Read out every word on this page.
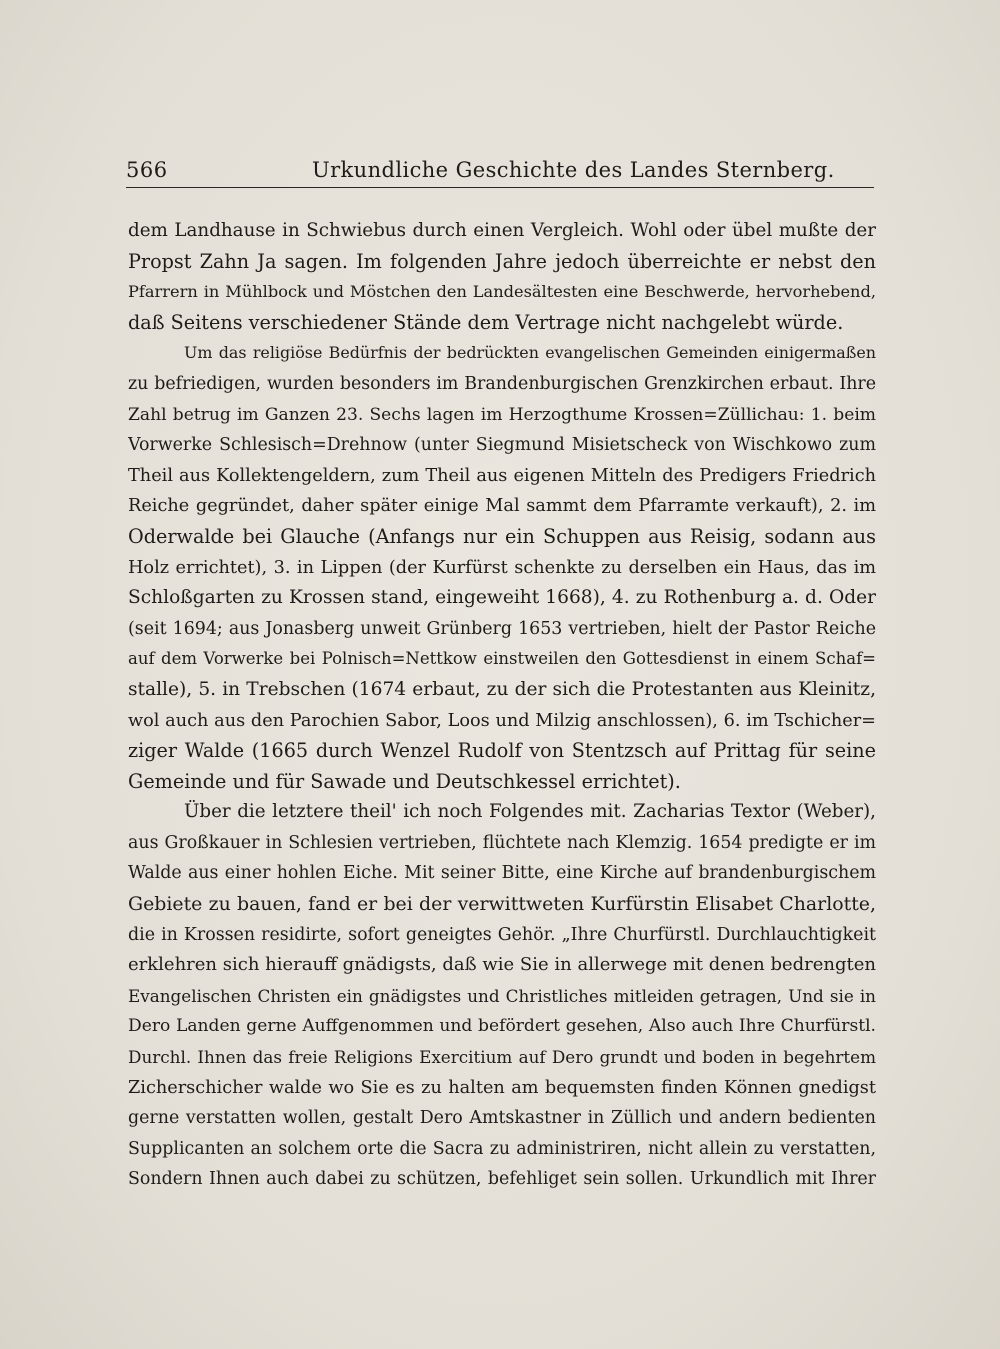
566	Urkundliche Geschichte des Landes Sternberg.
dem Landhause in Schwiebus durch einen Vergleich. Wohl oder übel mußte der
Propst Zahn Ja sagen. Im folgenden Jahre jedoch überreichte er nebst den
Pfarrern in Mühlbock und Möstchen den Landesältesten eine Beschwerde, hervorhebend,
daß Seitens verschiedener Stände dem Vertrage nicht nachgelebt würde.
Um das religiöse Bedürfnis der bedrückten evangelischen Gemeinden einigermaßen
zu befriedigen, wurden besonders im Brandenburgischen Grenzkirchen erbaut. Ihre
Zahl betrug im Ganzen 23. Sechs lagen im Herzogthume Krossen=Züllichau: 1. beim
Vorwerke Schlesisch=Drehnow (unter Siegmund Misietscheck von Wischkowo zum
Theil aus Kollektengeldern, zum Theil aus eigenen Mitteln des Predigers Friedrich
Reiche gegründet, daher später einige Mal sammt dem Pfarramte verkauft), 2. im
Oderwalde bei Glauche (Anfangs nur ein Schuppen aus Reisig, sodann aus
Holz errichtet), 3. in Lippen (der Kurfürst schenkte zu derselben ein Haus, das im
Schloßgarten zu Krossen stand, eingeweiht 1668), 4. zu Rothenburg a. d. Oder
(seit 1694; aus Jonasberg unweit Grünberg 1653 vertrieben, hielt der Pastor Reiche
auf dem Vorwerke bei Polnisch=Nettkow einstweilen den Gottesdienst in einem Schaf=
stalle), 5. in Trebschen (1674 erbaut, zu der sich die Protestanten aus Kleinitz,
wol auch aus den Parochien Sabor, Loos und Milzig anschlossen), 6. im Tschicher=
ziger Walde (1665 durch Wenzel Rudolf von Stentzsch auf Prittag für seine
Gemeinde und für Sawade und Deutschkessel errichtet).
Über die letztere theil' ich noch Folgendes mit. Zacharias Textor (Weber),
aus Großkauer in Schlesien vertrieben, flüchtete nach Klemzig. 1654 predigte er im
Walde aus einer hohlen Eiche. Mit seiner Bitte, eine Kirche auf brandenburgischem
Gebiete zu bauen, fand er bei der verwittweten Kurfürstin Elisabet Charlotte,
die in Krossen residirte, sofort geneigtes Gehör. „Ihre Churfürstl. Durchlauchtigkeit
erklehren sich hierauff gnädigsts, daß wie Sie in allerwege mit denen bedrengten
Evangelischen Christen ein gnädigstes und Christliches mitleiden getragen, Und sie in
Dero Landen gerne Auffgenommen und befördert gesehen, Also auch Ihre Churfürstl.
Durchl. Ihnen das freie Religions Exercitium auf Dero grundt und boden in begehrtem
Zicherschicher walde wo Sie es zu halten am bequemsten finden Können gnedigst
gerne verstatten wollen, gestalt Dero Amtskastner in Züllich und andern bedienten
Supplicanten an solchem orte die Sacra zu administriren, nicht allein zu verstatten,
Sondern Ihnen auch dabei zu schützen, befehliget sein sollen. Urkundlich mit Ihrer
